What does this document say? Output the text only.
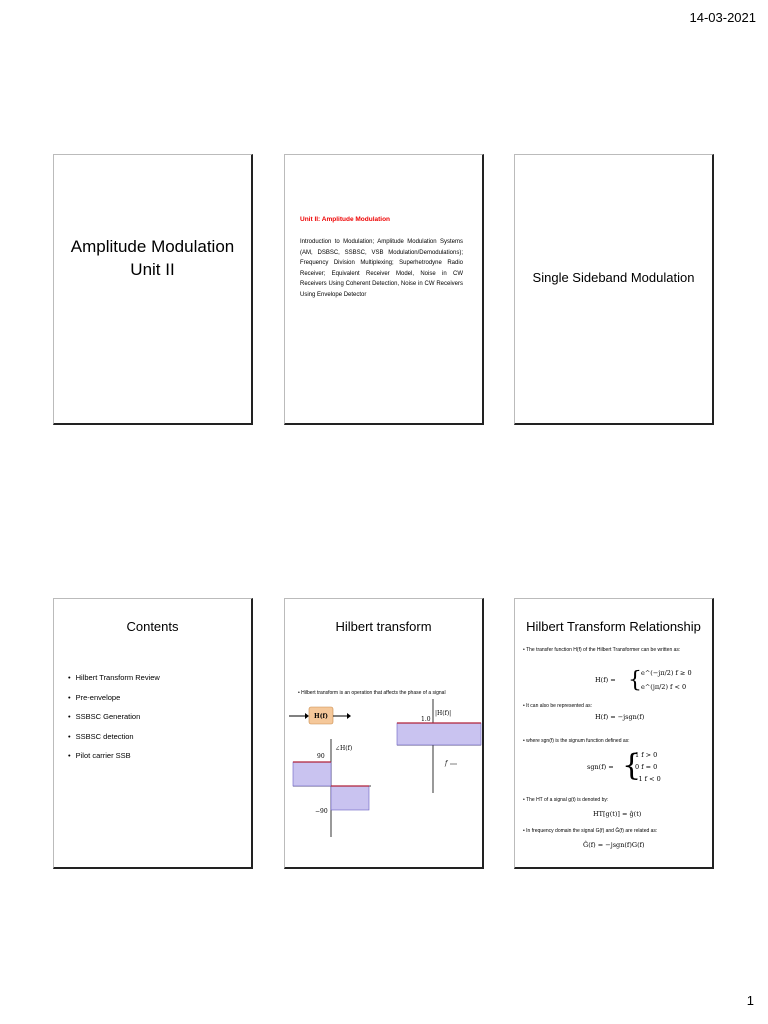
14-03-2021
Amplitude Modulation
Unit II
Unit II: Amplitude Modulation
Introduction to Modulation; Amplitude Modulation Systems (AM, DSBSC, SSBSC, VSB Modulation/Demodulations); Frequency Division Multiplexing; Superhetrodyne Radio Receiver; Equivalent Receiver Model, Noise in CW Receivers Using Coherent Detection, Noise in CW Receivers Using Envelope Detector
Single Sideband Modulation
Contents
• Hilbert Transform Review
• Pre-envelope
• SSBSC Generation
• SSBSC detection
• Pilot carrier SSB
Hilbert transform
• Hilbert transform is an operation that affects the phase of a signal
H(f)	|H(f)|
1.0
f
∠H(f)
90
−90
Hilbert Transform Relationship
• The transfer function H(f) of the Hilbert Transformer can be written as:
H(f) = { e^(−jπ/2) f ≥ 0
e^(jπ/2) f < 0
• It can also be represented as:
H(f) = −jsgn(f)
• where sgn(f) is the signum function defined as:
sgn(f) = {
1 f > 0
0 f = 0
−1 f < 0
• The HT of a signal g(t) is denoted by:
HT[g(t)] = ĝ(t)
• In frequency domain the signal G(f) and Ĝ(f) are related as:
Ĝ(f) = −jsgn(f)G(f)
1
